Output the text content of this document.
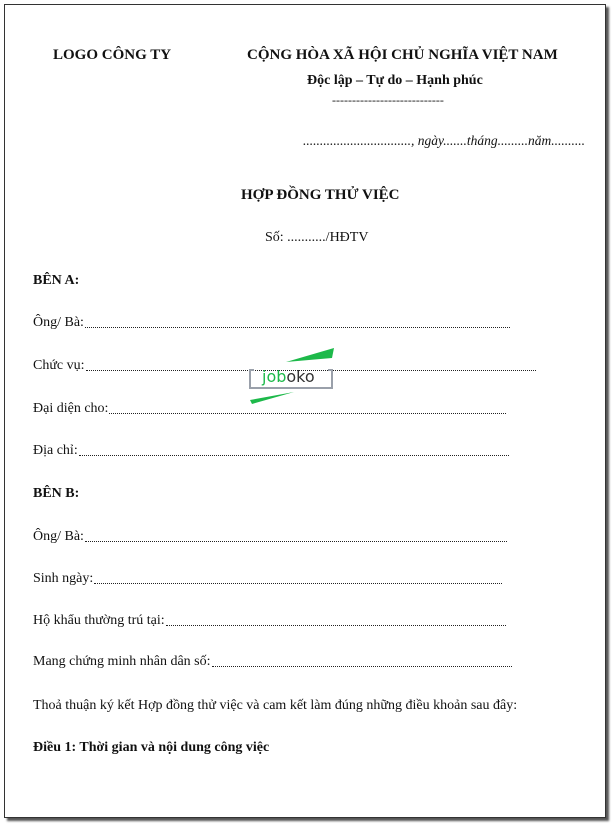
LOGO CÔNG TY	CỘNG HÒA XÃ HỘI CHỦ NGHĨA VIỆT NAM
Độc lập – Tự do – Hạnh phúc
----------------------------
................................, ngày.......tháng.........năm..........
HỢP ĐỒNG THỬ VIỆC
Số: .........../HĐTV
BÊN A:
Ông/ Bà:
Chức vụ:
Đại diện cho:
Địa chỉ:
BÊN B:
Ông/ Bà:
Sinh ngày:
Hộ khẩu thường trú tại:
Mang chứng minh nhân dân số:
Thoả thuận ký kết Hợp đồng thử việc và cam kết làm đúng những điều khoản sau đây:
Điều 1: Thời gian và nội dung công việc
joboko
